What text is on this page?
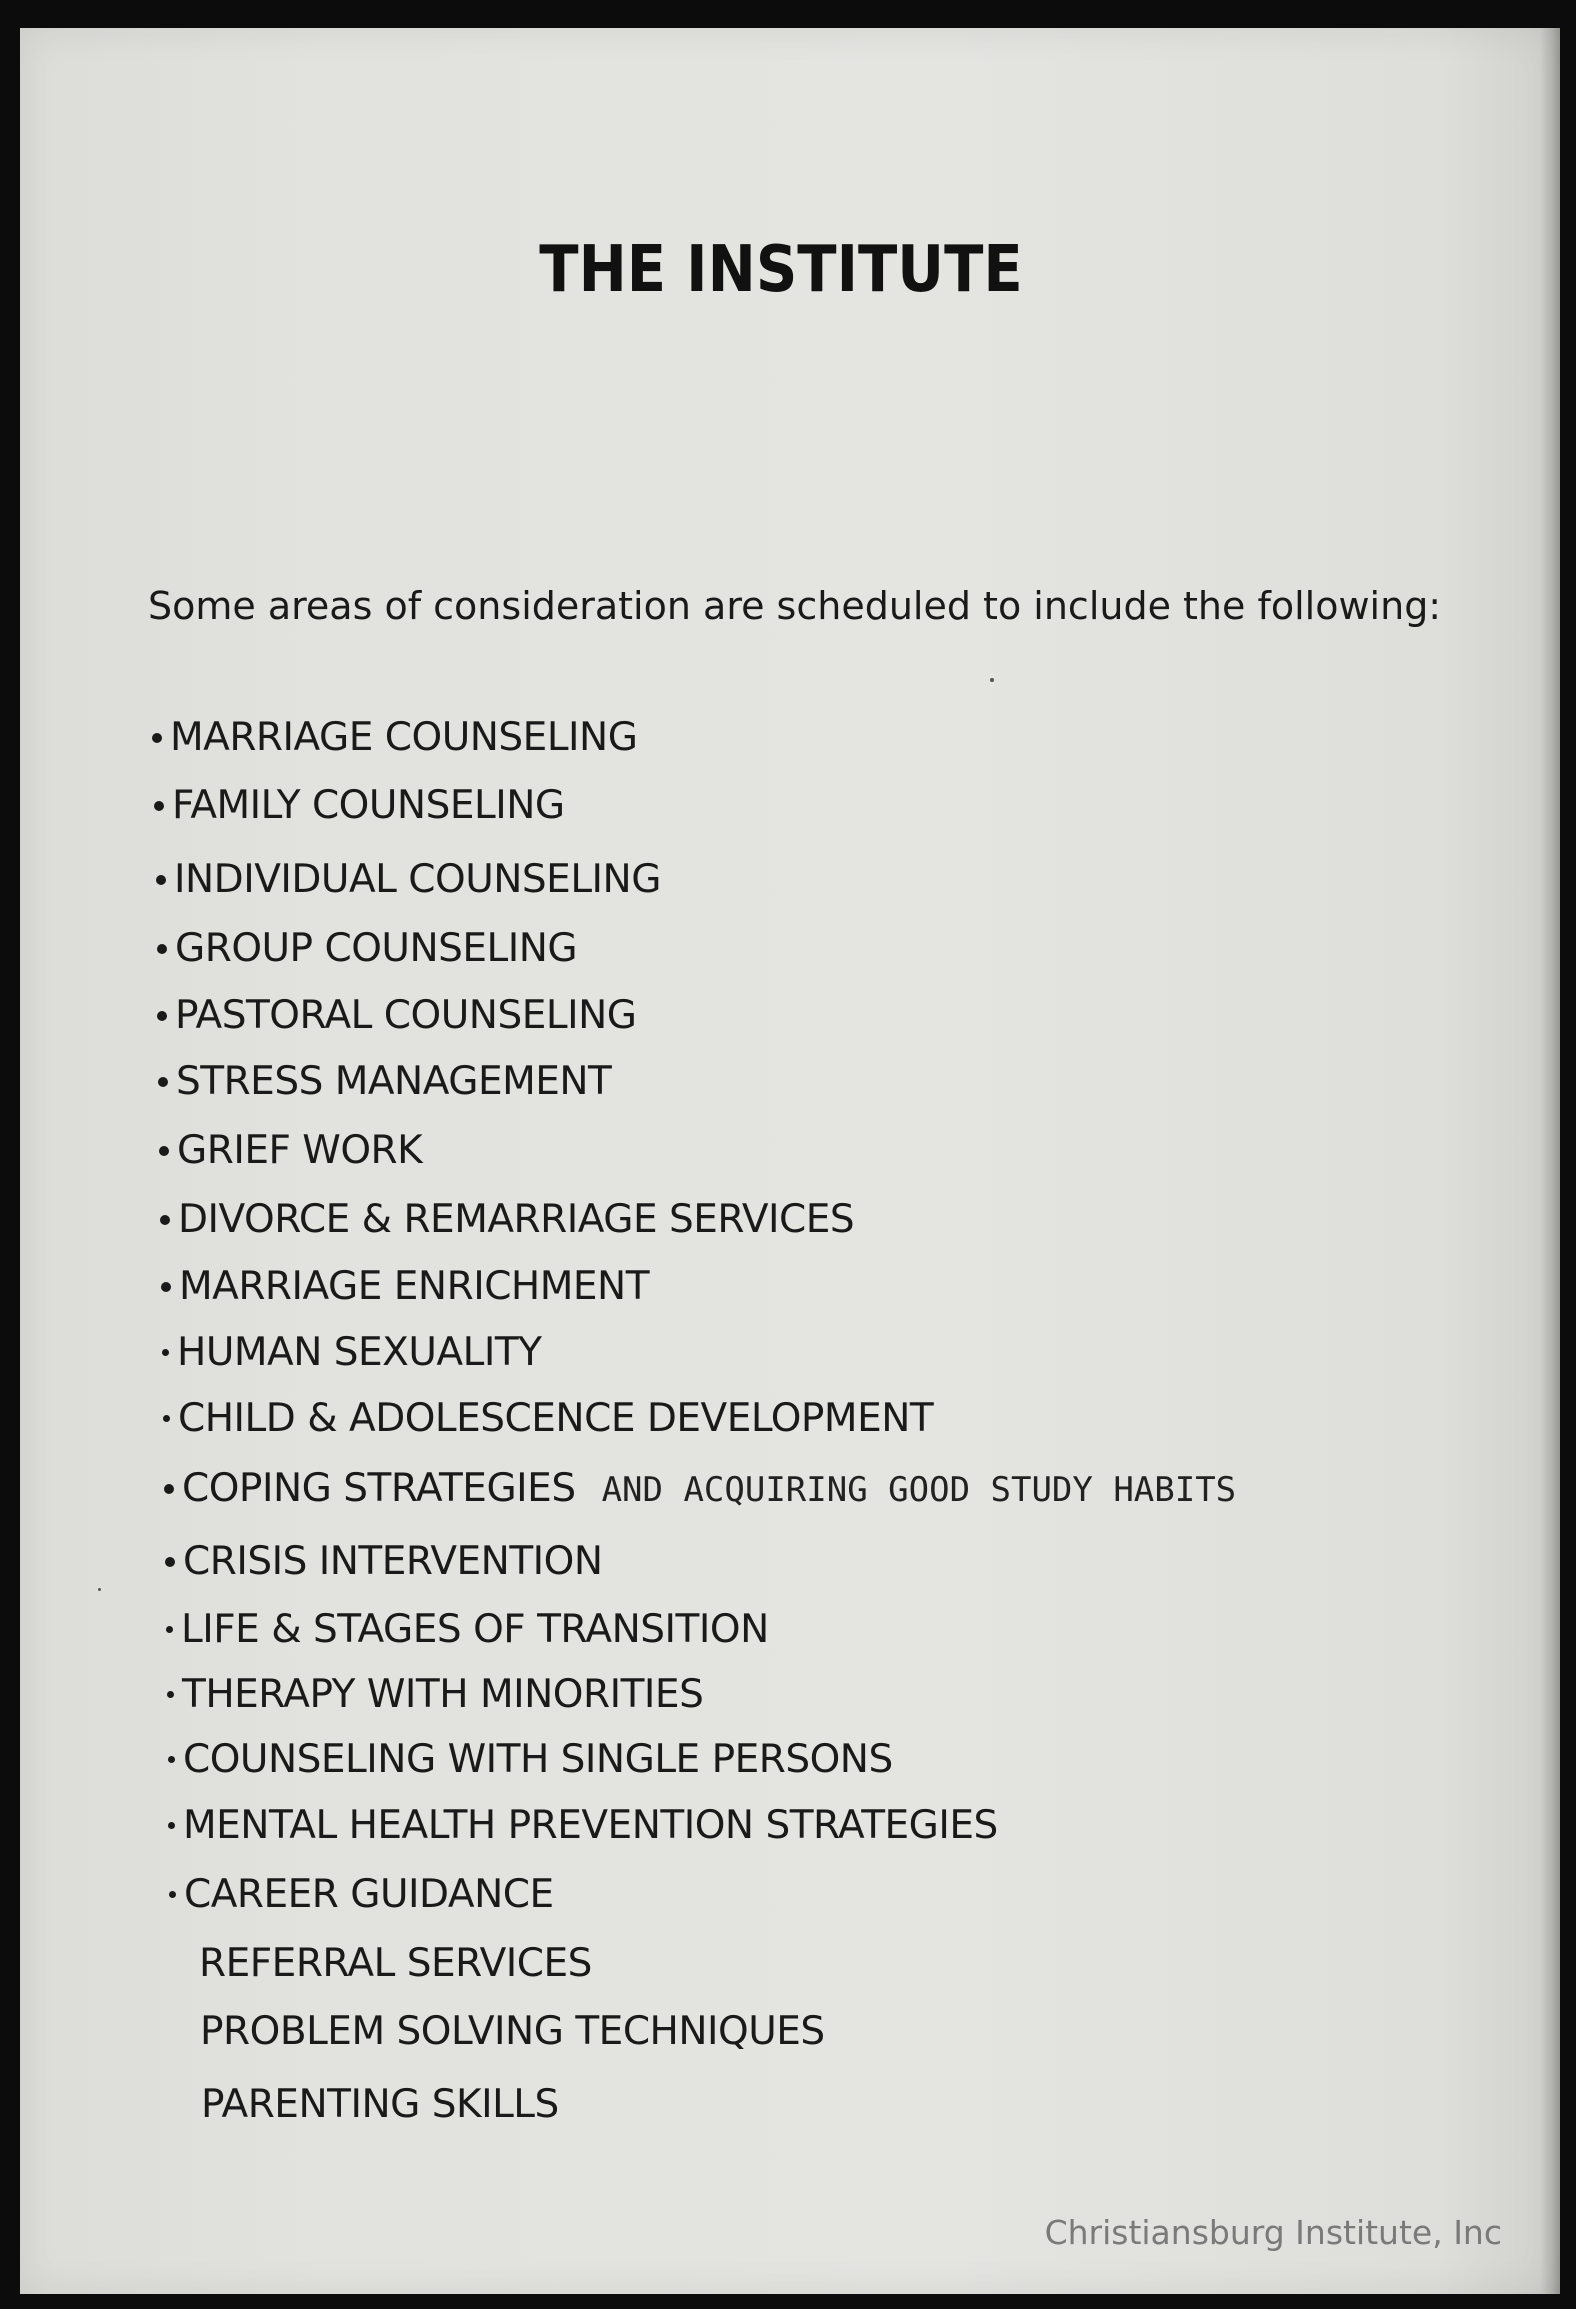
THE INSTITUTE
Some areas of consideration are scheduled to include the following:
MARRIAGE COUNSELING
FAMILY COUNSELING
INDIVIDUAL COUNSELING
GROUP COUNSELING
PASTORAL COUNSELING
STRESS MANAGEMENT
GRIEF WORK
DIVORCE & REMARRIAGE SERVICES
MARRIAGE ENRICHMENT
HUMAN SEXUALITY
CHILD & ADOLESCENCE DEVELOPMENT
COPING STRATEGIES AND ACQUIRING GOOD STUDY HABITS
CRISIS INTERVENTION
LIFE & STAGES OF TRANSITION
THERAPY WITH MINORITIES
COUNSELING WITH SINGLE PERSONS
MENTAL HEALTH PREVENTION STRATEGIES
CAREER GUIDANCE
REFERRAL SERVICES
PROBLEM SOLVING TECHNIQUES
PARENTING SKILLS
Christiansburg Institute, Inc
